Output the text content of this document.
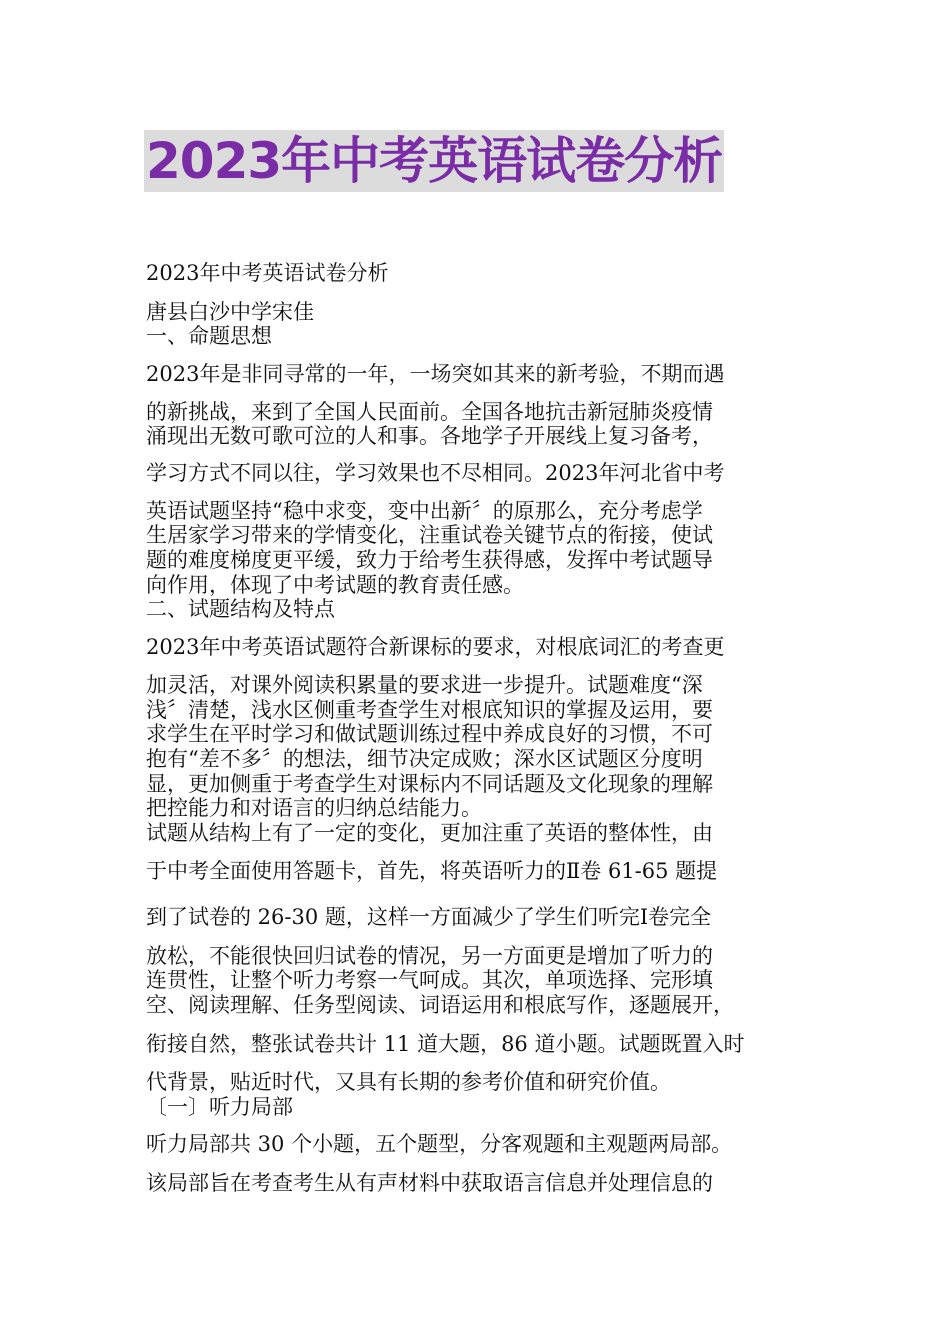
2023年中考英语试卷分析
2023年中考英语试卷分析
唐县白沙中学宋佳
一、命题思想
2023年是非同寻常的一年，一场突如其来的新考验，不期而遇
的新挑战，来到了全国人民面前。全国各地抗击新冠肺炎疫情
涌现出无数可歌可泣的人和事。各地学子开展线上复习备考，
学习方式不同以往，学习效果也不尽相同。2023年河北省中考
英语试题坚持“稳中求变，变中出新〞的原那么，充分考虑学
生居家学习带来的学情变化，注重试卷关键节点的衔接，使试
题的难度梯度更平缓，致力于给考生获得感，发挥中考试题导
向作用，体现了中考试题的教育责任感。
二、试题结构及特点
2023年中考英语试题符合新课标的要求，对根底词汇的考查更
加灵活，对课外阅读积累量的要求进一步提升。试题难度“深
浅〞清楚，浅水区侧重考查学生对根底知识的掌握及运用，要
求学生在平时学习和做试题训练过程中养成良好的习惯，不可
抱有“差不多〞的想法，细节决定成败；深水区试题区分度明
显，更加侧重于考查学生对课标内不同话题及文化现象的理解
把控能力和对语言的归纳总结能力。
试题从结构上有了一定的变化，更加注重了英语的整体性，由
于中考全面使用答题卡，首先，将英语听力的Ⅱ卷 61-65 题提
到了试卷的 26-30 题，这样一方面减少了学生们听完Ⅰ卷完全
放松，不能很快回归试卷的情况，另一方面更是增加了听力的
连贯性，让整个听力考察一气呵成。其次，单项选择、完形填
空、阅读理解、任务型阅读、词语运用和根底写作，逐题展开，
衔接自然，整张试卷共计 11 道大题，86 道小题。试题既置入时
代背景，贴近时代，又具有长期的参考价值和研究价值。
〔一〕听力局部
听力局部共 30 个小题，五个题型，分客观题和主观题两局部。
该局部旨在考查考生从有声材料中获取语言信息并处理信息的
